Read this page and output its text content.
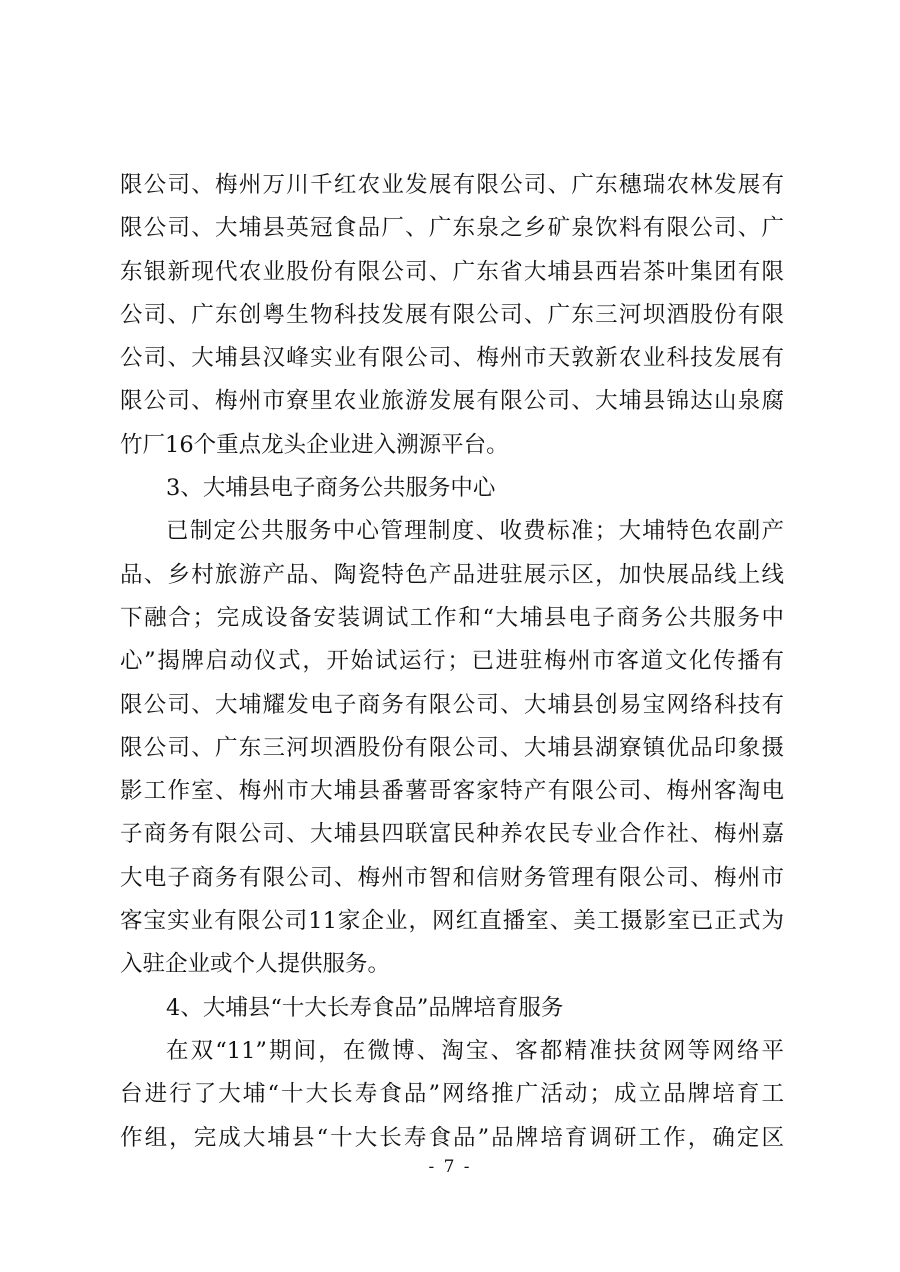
限公司、梅州万川千红农业发展有限公司、广东穗瑞农林发展有
限公司、大埔县英冠食品厂、广东泉之乡矿泉饮料有限公司、广
东银新现代农业股份有限公司、广东省大埔县西岩茶叶集团有限
公司、广东创粤生物科技发展有限公司、广东三河坝酒股份有限
公司、大埔县汉峰实业有限公司、梅州市天敦新农业科技发展有
限公司、梅州市寮里农业旅游发展有限公司、大埔县锦达山泉腐
竹厂16个重点龙头企业进入溯源平台。
3、大埔县电子商务公共服务中心
已制定公共服务中心管理制度、收费标准；大埔特色农副产
品、乡村旅游产品、陶瓷特色产品进驻展示区，加快展品线上线
下融合；完成设备安装调试工作和“大埔县电子商务公共服务中
心”揭牌启动仪式，开始试运行；已进驻梅州市客道文化传播有
限公司、大埔耀发电子商务有限公司、大埔县创易宝网络科技有
限公司、广东三河坝酒股份有限公司、大埔县湖寮镇优品印象摄
影工作室、梅州市大埔县番薯哥客家特产有限公司、梅州客淘电
子商务有限公司、大埔县四联富民种养农民专业合作社、梅州嘉
大电子商务有限公司、梅州市智和信财务管理有限公司、梅州市
客宝实业有限公司11家企业，网红直播室、美工摄影室已正式为
入驻企业或个人提供服务。
4、大埔县“十大长寿食品”品牌培育服务
在双“11”期间，在微博、淘宝、客都精准扶贫网等网络平
台进行了大埔“十大长寿食品”网络推广活动；成立品牌培育工
作组，完成大埔县“十大长寿食品”品牌培育调研工作，确定区
- 7 -
